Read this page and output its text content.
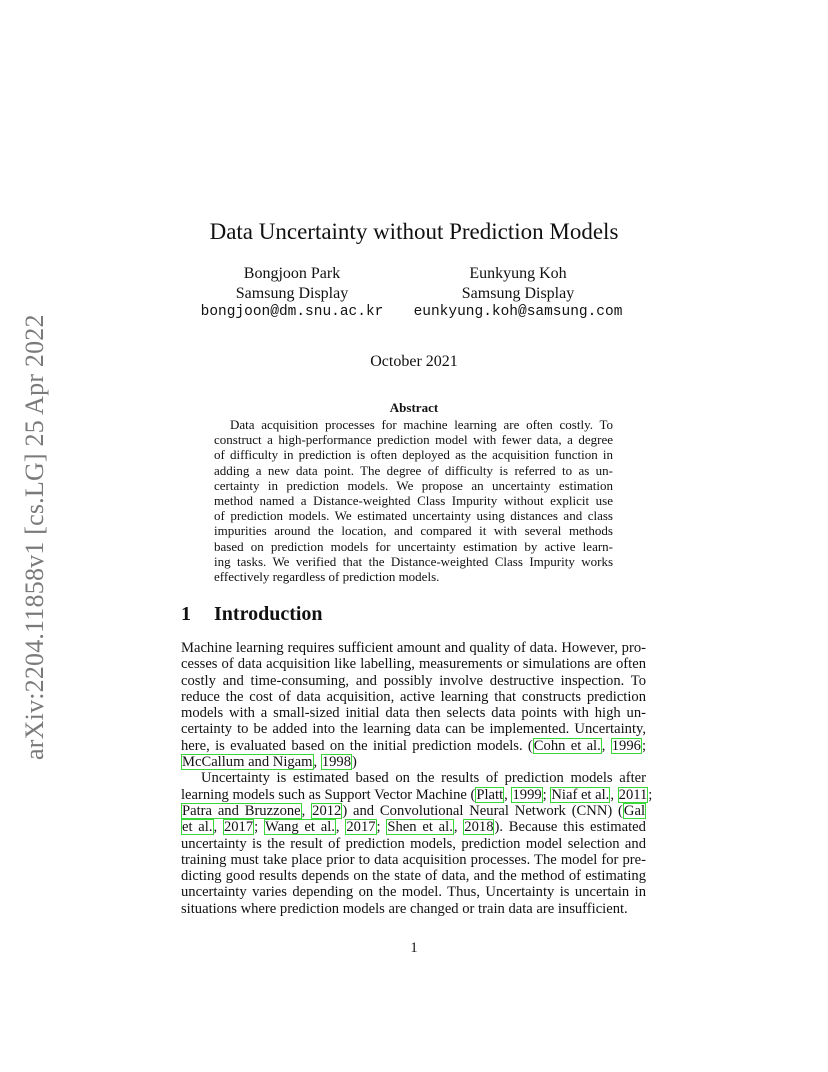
arXiv:2204.11858v1 [cs.LG] 25 Apr 2022
Data Uncertainty without Prediction Models
Bongjoon Park
Samsung Display
bongjoon@dm.snu.ac.kr
Eunkyung Koh
Samsung Display
eunkyung.koh@samsung.com
October 2021
Abstract
Data acquisition processes for machine learning are often costly. To
construct a high-performance prediction model with fewer data, a degree
of difficulty in prediction is often deployed as the acquisition function in
adding a new data point. The degree of difficulty is referred to as un-
certainty in prediction models. We propose an uncertainty estimation
method named a Distance-weighted Class Impurity without explicit use
of prediction models. We estimated uncertainty using distances and class
impurities around the location, and compared it with several methods
based on prediction models for uncertainty estimation by active learn-
ing tasks. We verified that the Distance-weighted Class Impurity works
effectively regardless of prediction models.
1 Introduction
Machine learning requires sufficient amount and quality of data. However, pro-
cesses of data acquisition like labelling, measurements or simulations are often
costly and time-consuming, and possibly involve destructive inspection. To
reduce the cost of data acquisition, active learning that constructs prediction
models with a small-sized initial data then selects data points with high un-
certainty to be added into the learning data can be implemented. Uncertainty,
here, is evaluated based on the initial prediction models. (Cohn et al., 1996;
McCallum and Nigam, 1998)
Uncertainty is estimated based on the results of prediction models after
learning models such as Support Vector Machine (Platt, 1999; Niaf et al., 2011;
Patra and Bruzzone, 2012) and Convolutional Neural Network (CNN) (Gal
et al., 2017; Wang et al., 2017; Shen et al., 2018). Because this estimated
uncertainty is the result of prediction models, prediction model selection and
training must take place prior to data acquisition processes. The model for pre-
dicting good results depends on the state of data, and the method of estimating
uncertainty varies depending on the model. Thus, Uncertainty is uncertain in
situations where prediction models are changed or train data are insufficient.
1
